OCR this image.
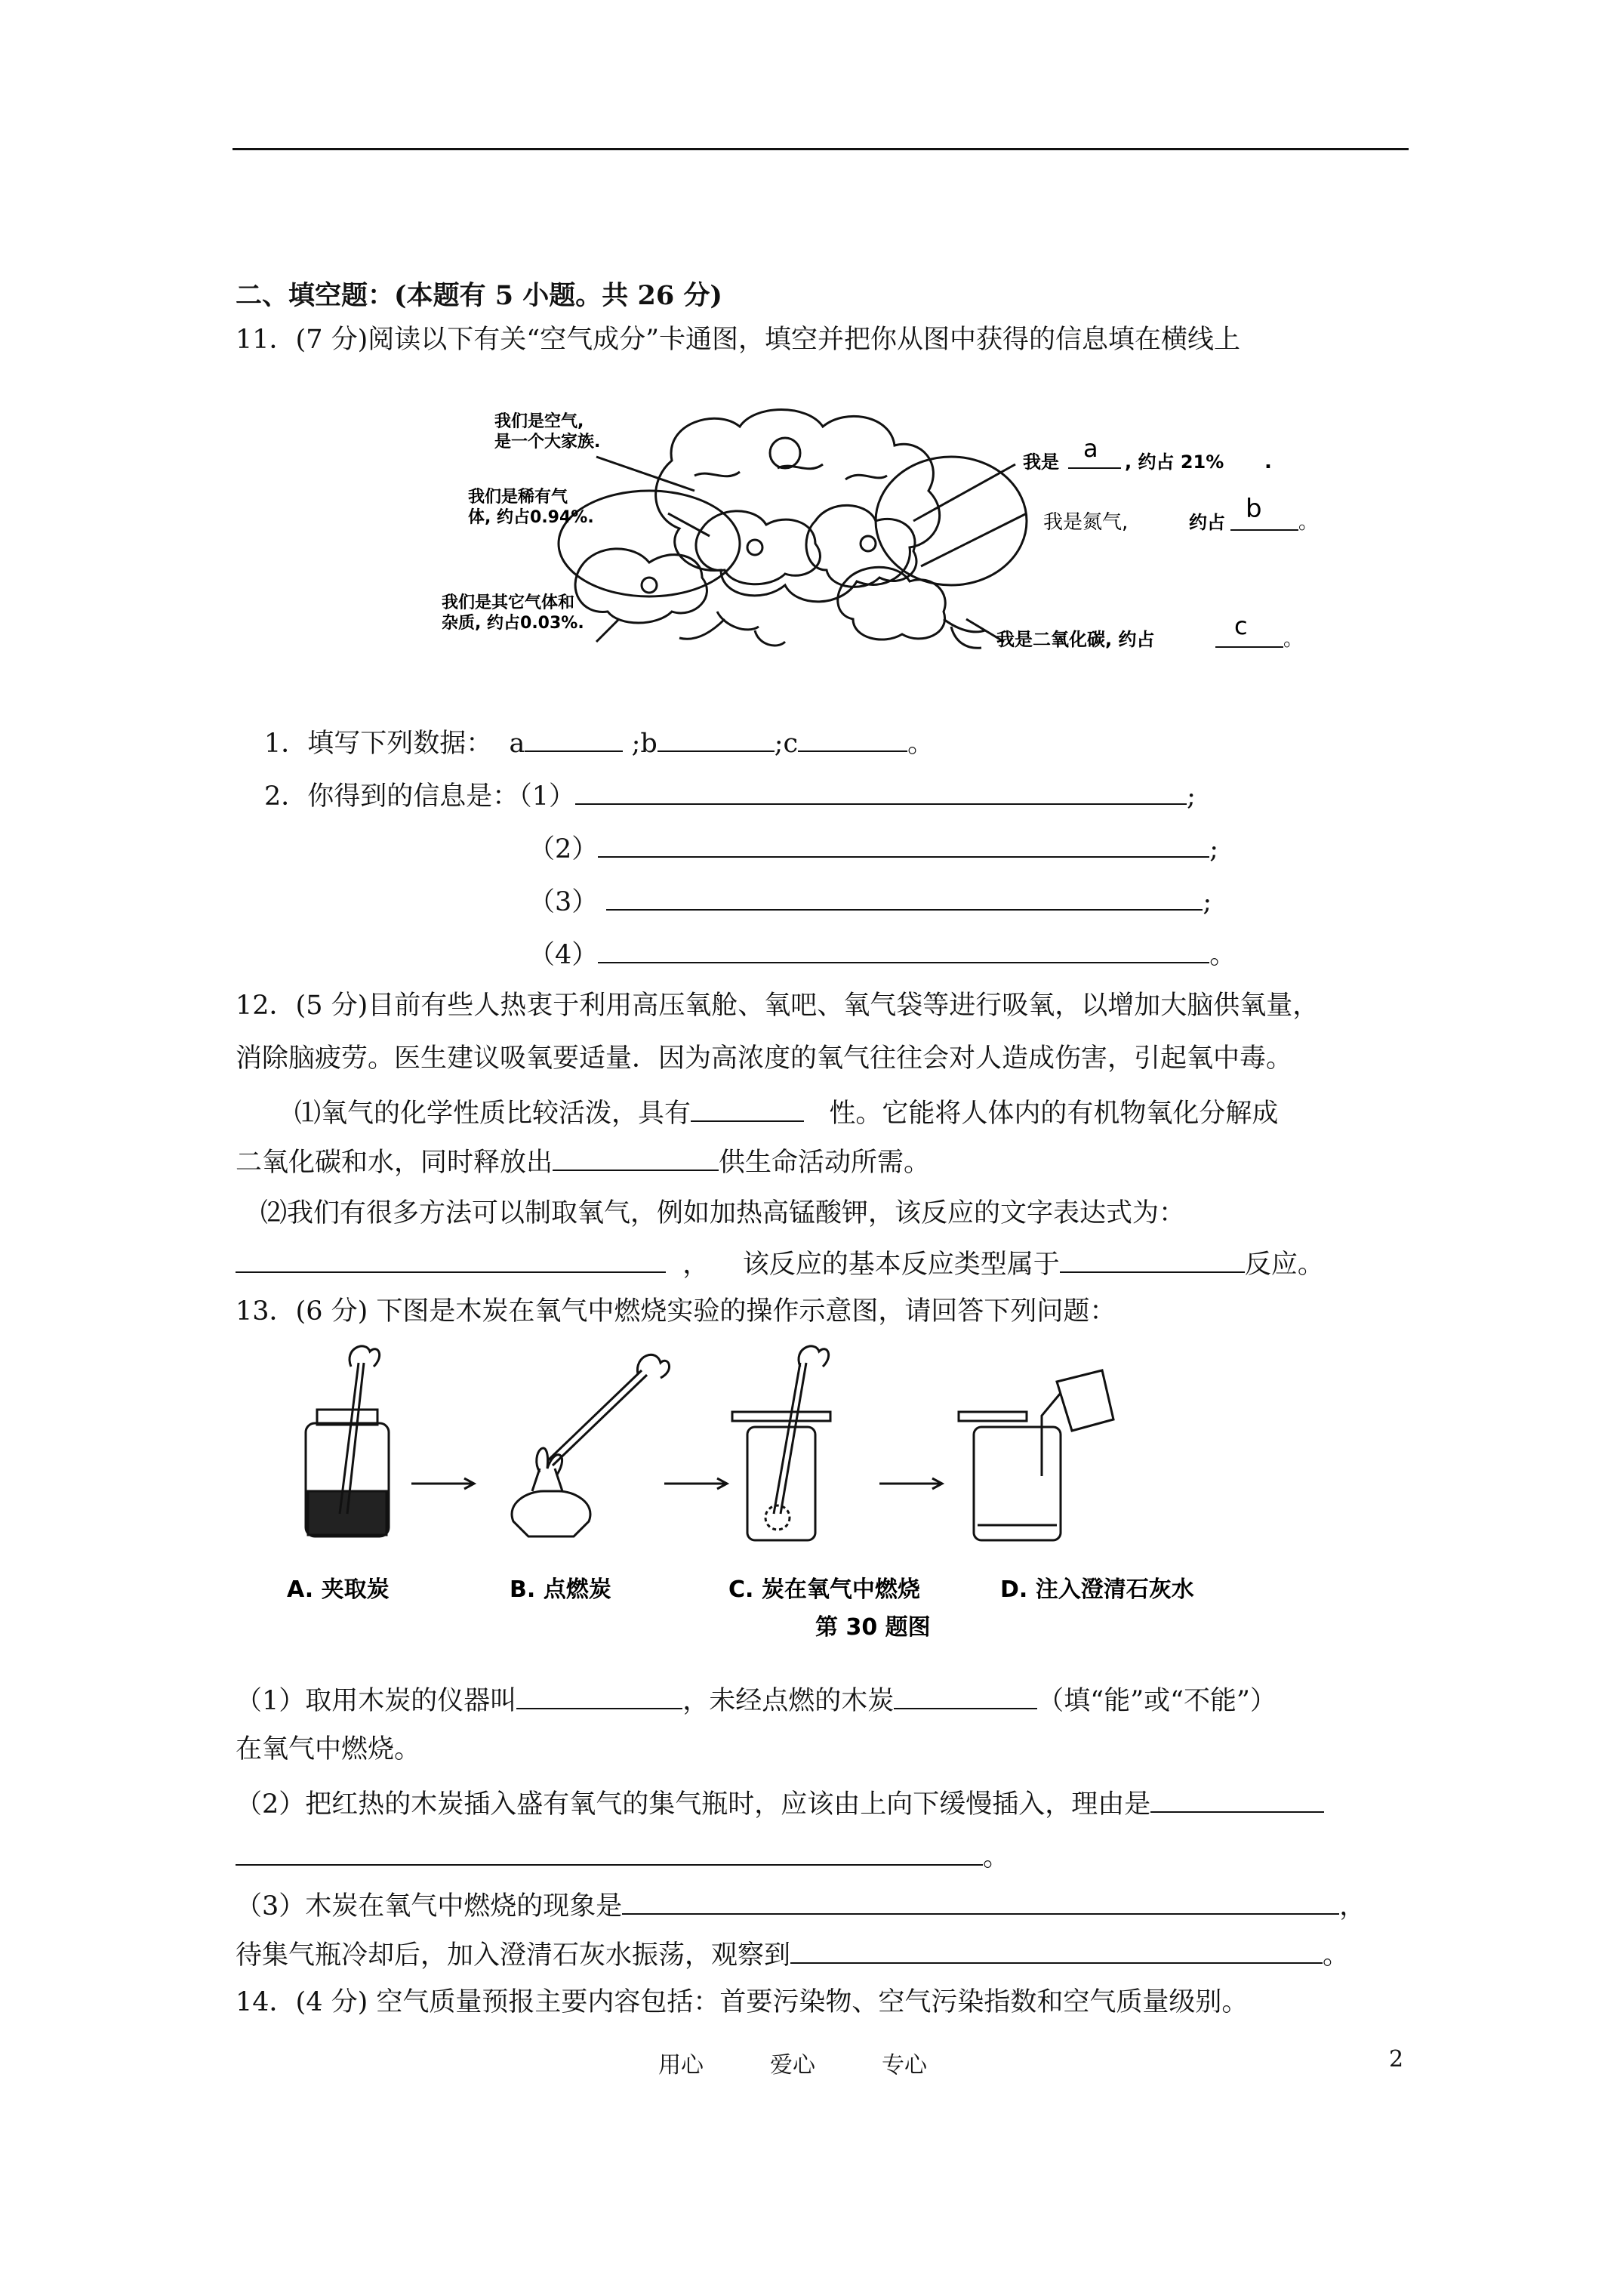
二、填空题：(本题有 5 小题。共 26 分)
11．(7 分)阅读以下有关“空气成分”卡通图，填空并把你从图中获得的信息填在横线上
我们是空气,
是一个大家族.
我们是稀有气
体, 约占0.94%.
我们是其它气体和
杂质, 约占0.03%.
我是 a , 约占 21% .
我是氮气,	约占 b 。
我是二氧化碳, 约占	c 。
1．填写下列数据： a	;b	;c	。
2．你得到的信息是：（1）	;
（2）	;
（3）	;
（4）	。
12．(5 分)目前有些人热衷于利用高压氧舱、氧吧、氧气袋等进行吸氧，以增加大脑供氧量，
消除脑疲劳。医生建议吸氧要适量．因为高浓度的氧气往往会对人造成伤害，引起氧中毒。
⑴氧气的化学性质比较活泼，具有	性。它能将人体内的有机物氧化分解成
二氧化碳和水，同时释放出	供生命活动所需。
⑵我们有很多方法可以制取氧气，例如加热高锰酸钾，该反应的文字表达式为：
， 该反应的基本反应类型属于	反应。
13．(6 分) 下图是木炭在氧气中燃烧实验的操作示意图，请回答下列问题：
A. 夹取炭	B. 点燃炭	C. 炭在氧气中燃烧	D. 注入澄清石灰水
第 30 题图
（1）取用木炭的仪器叫	，未经点燃的木炭	（填“能”或“不能”）
在氧气中燃烧。
（2）把红热的木炭插入盛有氧气的集气瓶时，应该由上向下缓慢插入，理由是
。
（3）木炭在氧气中燃烧的现象是	，
待集气瓶冷却后，加入澄清石灰水振荡，观察到	。
14．(4 分) 空气质量预报主要内容包括：首要污染物、空气污染指数和空气质量级别。
用心	爱心	专心	2
